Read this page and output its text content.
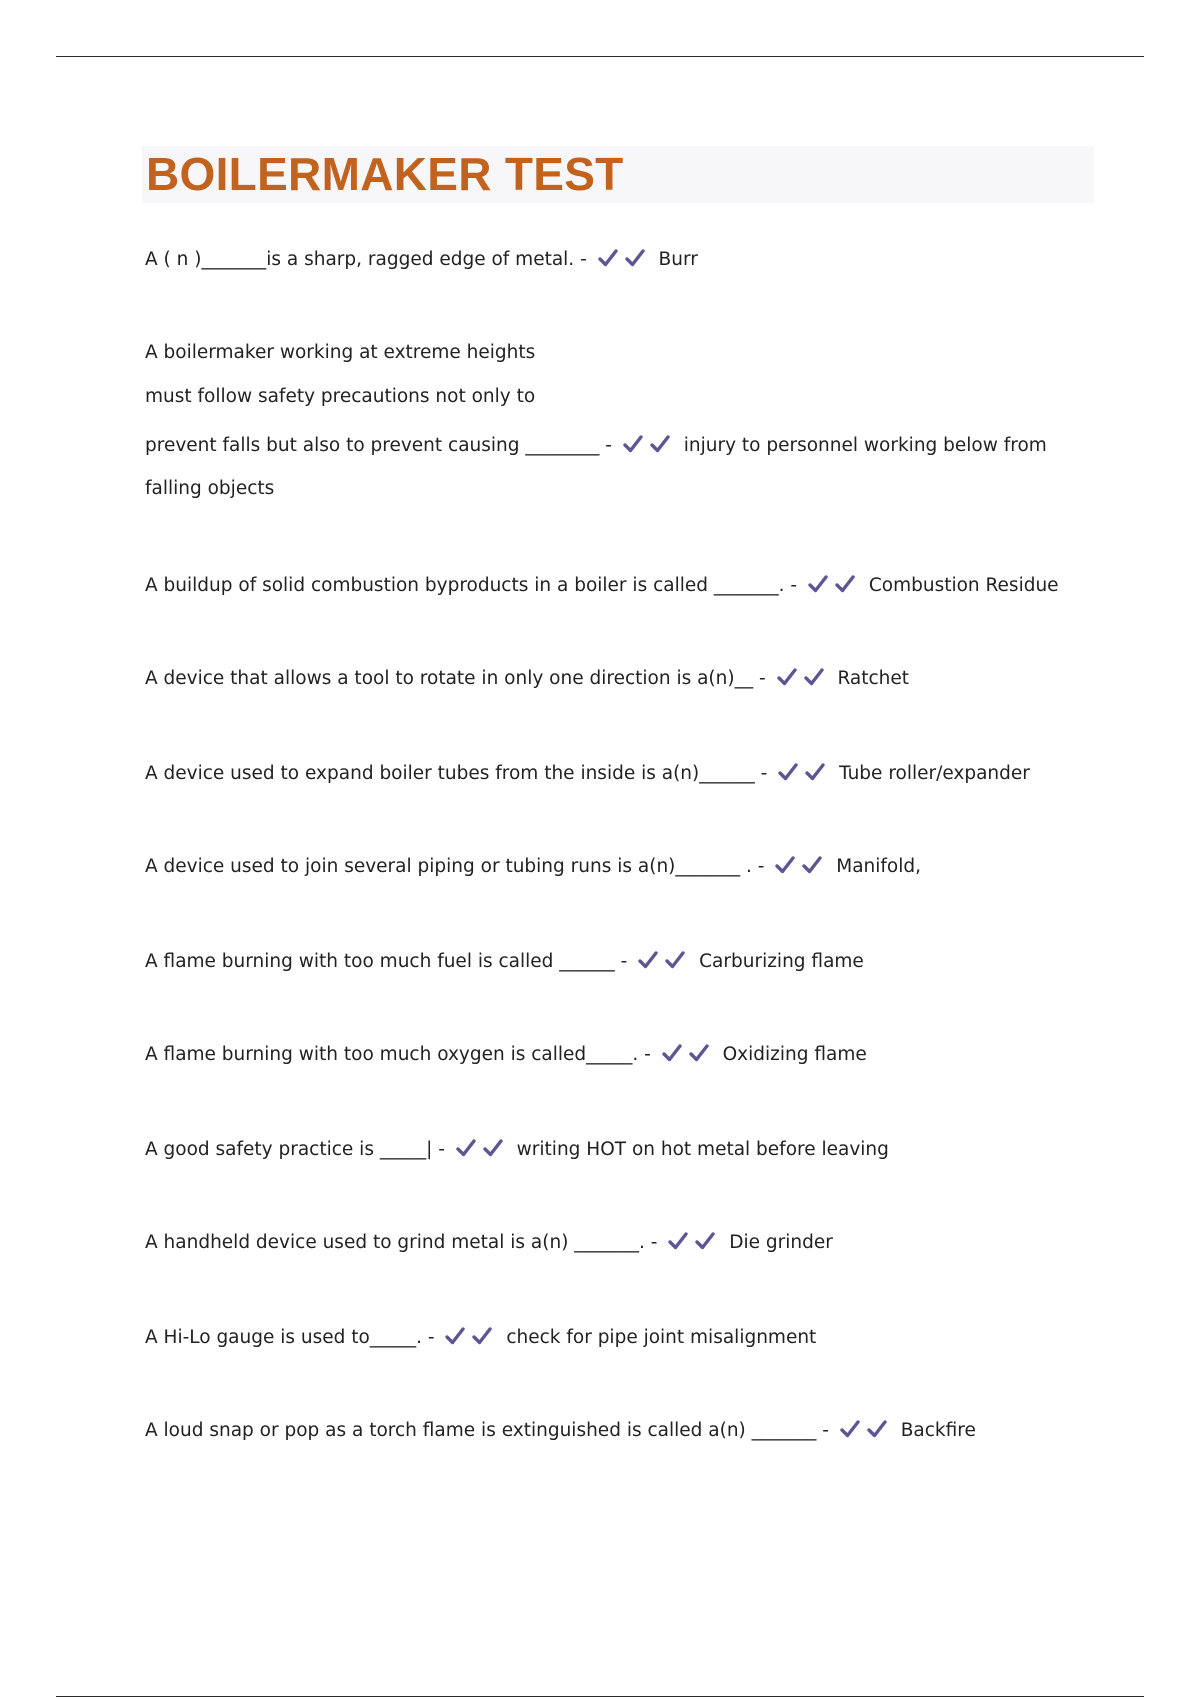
BOILERMAKER TEST
A ( n )_______is a sharp, ragged edge of metal. -	Burr
A boilermaker working at extreme heights
must follow safety precautions not only to
prevent falls but also to prevent causing ________ -	injury to personnel working below from
falling objects
A buildup of solid combustion byproducts in a boiler is called _______. -	Combustion Residue
A device that allows a tool to rotate in only one direction is a(n)__ -	Ratchet
A device used to expand boiler tubes from the inside is a(n)______ -	Tube roller/expander
A device used to join several piping or tubing runs is a(n)_______ . -	Manifold,
A flame burning with too much fuel is called ______ -	Carburizing flame
A flame burning with too much oxygen is called_____. -	Oxidizing flame
A good safety practice is _____| -	writing HOT on hot metal before leaving
A handheld device used to grind metal is a(n) _______. -	Die grinder
A Hi-Lo gauge is used to_____. -	check for pipe joint misalignment
A loud snap or pop as a torch flame is extinguished is called a(n) _______ -	Backfire
